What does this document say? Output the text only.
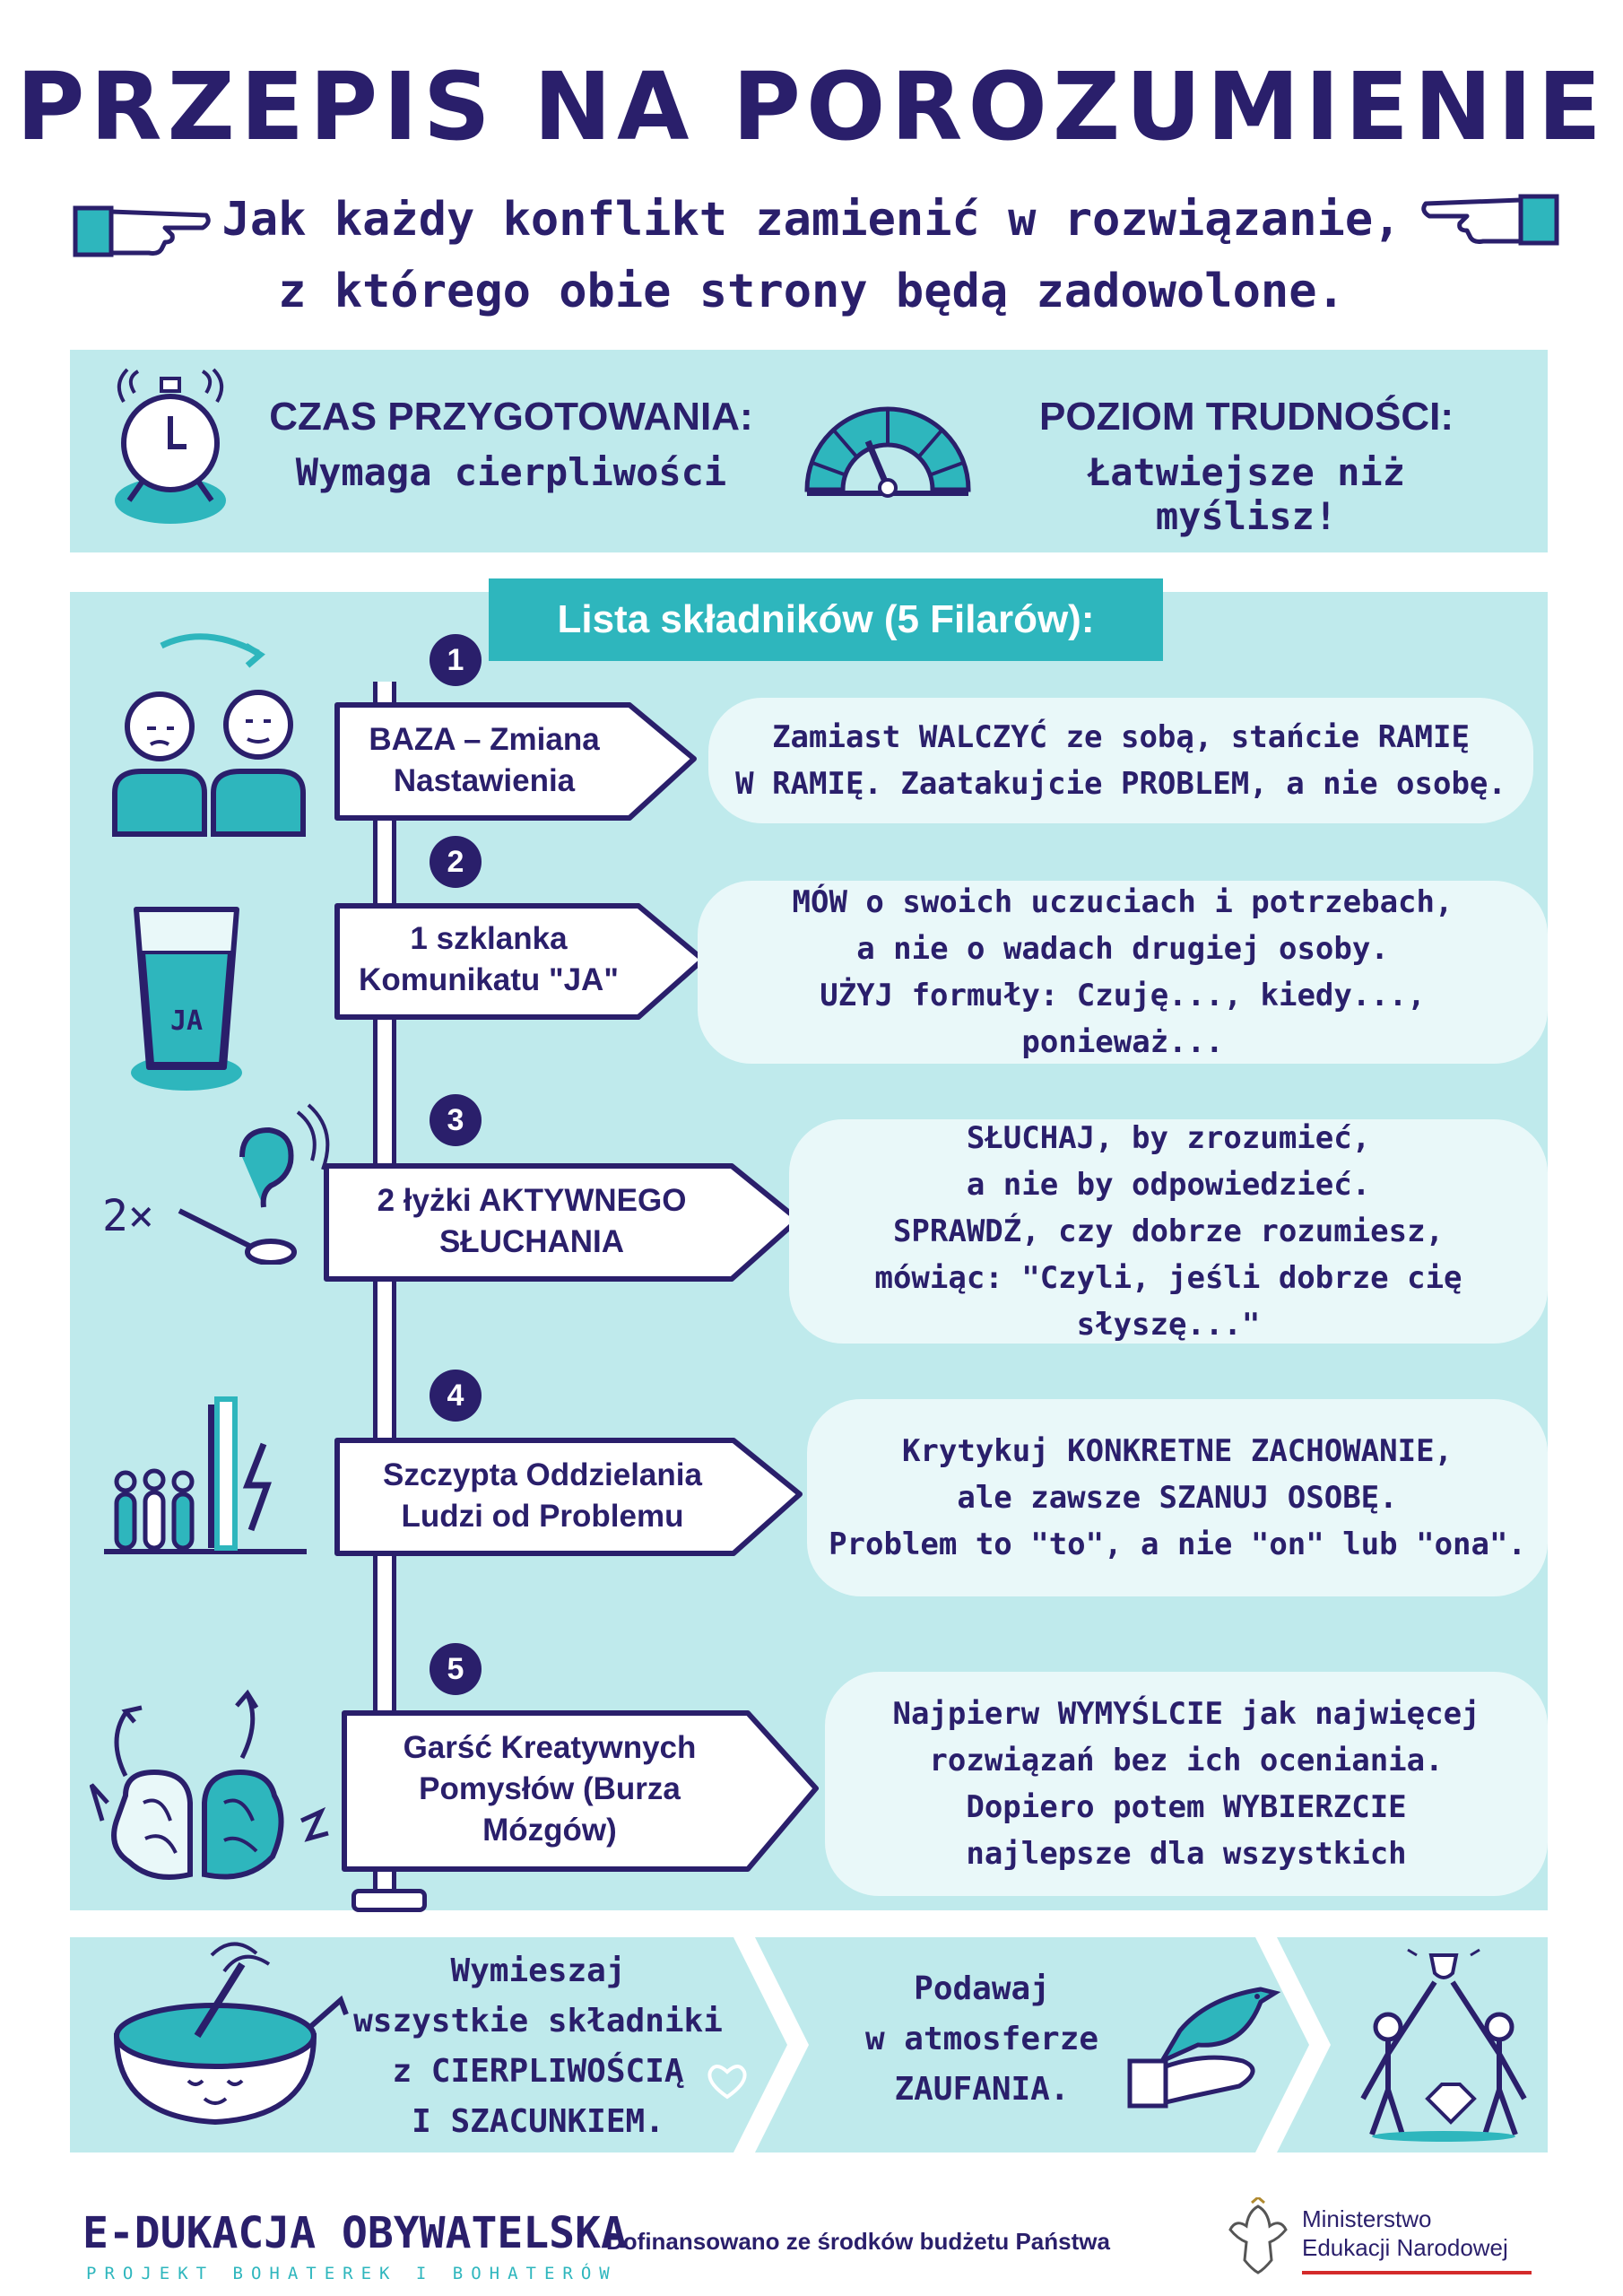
PRZEPIS NA POROZUMIENIE
Jak każdy konflikt zamienić w rozwiązanie,
z którego obie strony będą zadowolone.
CZAS PRZYGOTOWANIA:
Wymaga cierpliwości
POZIOM TRUDNOŚCI:
Łatwiejsze niż myślisz!
Lista składników (5 Filarów):
1
BAZA – Zmiana
Nastawienia
Zamiast WALCZYĆ ze sobą, stańcie RAMIĘ
W RAMIĘ. Zaatakujcie PROBLEM, a nie osobę.
2
1 szklanka
Komunikatu "JA"
MÓW o swoich uczuciach i potrzebach,
a nie o wadach drugiej osoby.
UŻYJ formuły: Czuję..., kiedy..., ponieważ...
JA
3
2 łyżki AKTYWNEGO
SŁUCHANIA
SŁUCHAJ, by zrozumieć,
a nie by odpowiedzieć.
SPRAWDŹ, czy dobrze rozumiesz,
mówiąc: "Czyli, jeśli dobrze cię słyszę..."
2×
4
Szczypta Oddzielania
Ludzi od Problemu
Krytykuj KONKRETNE ZACHOWANIE,
ale zawsze SZANUJ OSOBĘ.
Problem to "to", a nie "on" lub "ona".
5
Garść Kreatywnych
Pomysłów (Burza
Mózgów)
Najpierw WYMYŚLCIE jak najwięcej
rozwiązań bez ich oceniania.
Dopiero potem WYBIERZCIE
najlepsze dla wszystkich
Wymieszaj
wszystkie składniki
z CIERPLIWOŚCIĄ
I SZACUNKIEM.
Podawaj
w atmosferze
ZAUFANIA.
E-DUKACJA OBYWATELSKA
PROJEKT BOHATEREK I BOHATERÓW
Dofinansowano ze środków budżetu Państwa
Ministerstwo
Edukacji Narodowej
